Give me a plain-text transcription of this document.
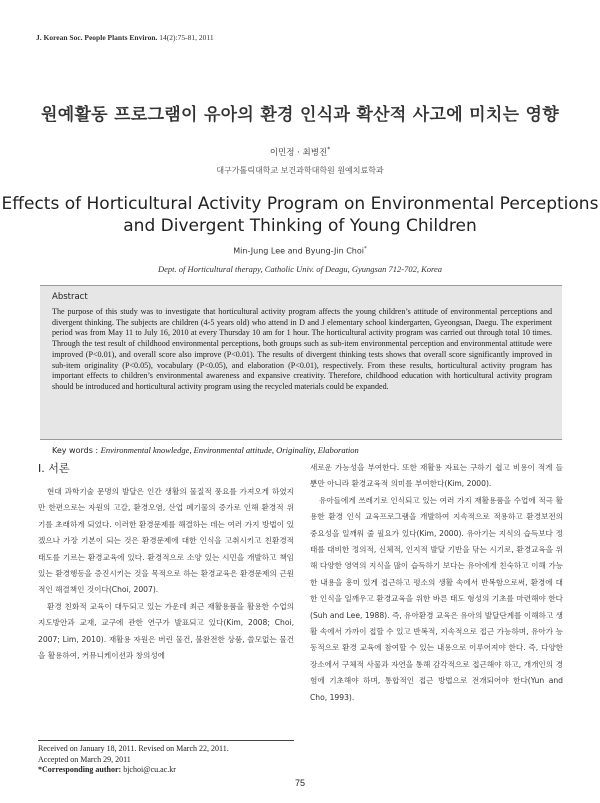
J. Korean Soc. People Plants Environ. 14(2):75-81, 2011
원예활동 프로그램이 유아의 환경 인식과 확산적 사고에 미치는 영향
이민정 · 최병진*
대구가톨릭대학교 보건과학대학원 원예치료학과
Effects of Horticultural Activity Program on Environmental Perceptions
and Divergent Thinking of Young Children
Min-Jung Lee and Byung-Jin Choi*
Dept. of Horticultural therapy, Catholic Univ. of Deagu, Gyungsan 712-702, Korea
Abstract
The purpose of this study was to investigate that horticultural activity program affects the young children’s attitude of environmental perceptions and divergent thinking. The subjects are children (4-5 years old) who attend in D and J elementary school kindergarten, Gyeongsan, Daegu. The experiment period was from May 11 to July 16, 2010 at every Thursday 10 am for 1 hour. The horticultural activity program was carried out through total 10 times. Through the test result of childhood environmental perceptions, both groups such as sub-item environmental perception and environmental attitude were improved (P<0.01), and overall score also improve (P<0.01). The results of divergent thinking tests shows that overall score significantly improved in sub-item originality (P<0.05), vocabulary (P<0.05), and elaboration (P<0.01), respectively. From these results, horticultural activity program has important effects to children’s environmental awareness and expansive creativity. Therefore, childhood education with horticultural activity program should be introduced and horticultural activity program using the recycled materials could be expanded.
Key words : Environmental knowledge, Environmental attitude, Originality, Elaboration
Ⅰ. 서론

현대 과학기술 문명의 발달은 인간 생활의 물질적 풍요를 가져오게 하였지만 한편으로는 자원의 고갈, 환경오염, 산업 폐기물의 증가로 인해 환경적 위기를 초래하게 되었다. 이러한 환경문제를 해결하는 데는 여러 가지 방법이 있겠으나 가장 기본이 되는 것은 환경문제에 대한 인식을 고취시키고 친환경적 태도를 기르는 환경교육에 있다. 환경적으로 소양 있는 시민을 개발하고 책임 있는 환경행동을 증진시키는 것을 목적으로 하는 환경교육은 환경문제의 근원적인 해결책인 것이다(Choi, 2007).

환경 친화적 교육이 대두되고 있는 가운데 최근 재활용품을 활용한 수업의 지도방안과 교재, 교구에 관한 연구가 발표되고 있다(Kim, 2008; Choi, 2007; Lim, 2010). 재활용 자원은 버린 물건, 불완전한 상품, 쓸모없는 물건을 활용하여, 커뮤니케이션과 창의성에

새로운 가능성을 부여한다. 또한 재활용 자료는 구하기 쉽고 비용이 적게 들 뿐만 아니라 환경교육적 의미를 부여한다(Kim, 2000).

유아들에게 쓰레기로 인식되고 있는 여러 가지 재활용품을 수업에 적극 활용한 환경 인식 교육프로그램을 개발하여 지속적으로 적용하고 환경보전의 중요성을 일깨워 줄 필요가 있다(Kim, 2000). 유아기는 지식의 습득보다 정태를 대비한 정의적, 신체적, 인지적 발달 기반을 닦는 시기로, 환경교육을 위해 다양한 영역의 지식을 많이 습득하기 보다는 유아에게 친숙하고 이해 가능한 내용을 흥미 있게 접근하고 평소의 생활 속에서 반복함으로써, 환경에 대한 인식을 일깨우고 환경교육을 위한 바른 태도 형성의 기초를 마련해야 한다(Suh and Lee, 1988). 즉, 유아환경 교육은 유아의 발달단계를 이해하고 생활 속에서 가까이 접할 수 있고 반복적, 지속적으로 접근 가능하며, 유아가 능동적으로 환경 교육에 참여할 수 있는 내용으로 이루어져야 한다. 즉, 다양한 장소에서 구체적 사물과 자연을 통해 감각적으로 접근해야 하고, 개개인의 경험에 기초해야 하며, 통합적인 접근 방법으로 전개되어야 한다(Yun and Cho, 1993).

Received on January 18, 2011. Revised on March 22, 2011.
Accepted on March 29, 2011
*Corresponding author: bjchoi@cu.ac.kr
75
